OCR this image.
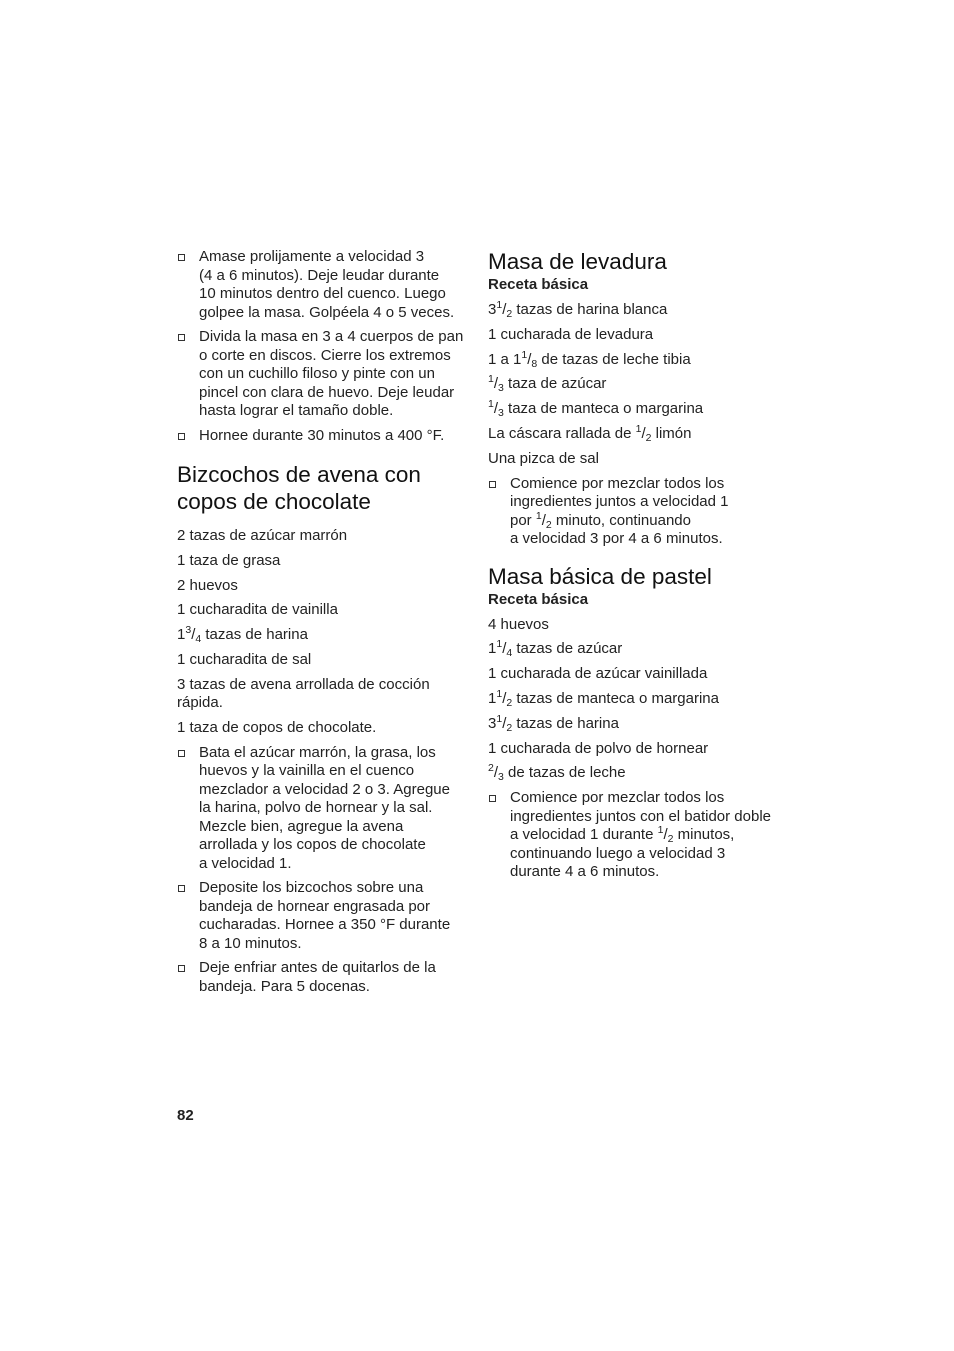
Amase prolijamente a velocidad 3
(4 a 6 minutos). Deje leudar durante
10 minutos dentro del cuenco. Luego
golpee la masa. Golpéela 4 o 5 veces.
Divida la masa en 3 a 4 cuerpos de pan
o corte en discos. Cierre los extremos
con un cuchillo filoso y pinte con un
pincel con clara de huevo. Deje leudar
hasta lograr el tamaño doble.
Hornee durante 30 minutos a 400 °F.
Bizcochos de avena con
copos de chocolate
2 tazas de azúcar marrón
1 taza de grasa
2 huevos
1 cucharadita de vainilla
$1^3/_4$ tazas de harina
1 cucharadita de sal
3 tazas de avena arrollada de cocción
rápida.
1 taza de copos de chocolate.
Bata el azúcar marrón, la grasa, los
huevos y la vainilla en el cuenco
mezclador a velocidad 2 o 3. Agregue
la harina, polvo de hornear y la sal.
Mezcle bien, agregue la avena
arrollada y los copos de chocolate
a velocidad 1.
Deposite los bizcochos sobre una
bandeja de hornear engrasada por
cucharadas. Hornee a 350 °F durante
8 a 10 minutos.
Deje enfriar antes de quitarlos de la
bandeja. Para 5 docenas.
Masa de levadura
Receta básica
$3^1/_2$ tazas de harina blanca
1 cucharada de levadura
1 a $1^1/_8$ de tazas de leche tibia
$^1/_3$ taza de azúcar
$^1/_3$ taza de manteca o margarina
La cáscara rallada de $^1/_2$ limón
Una pizca de sal
Comience por mezclar todos los
ingredientes juntos a velocidad 1
por $^1/_2$ minuto, continuando
a velocidad 3 por 4 a 6 minutos.
Masa básica de pastel
Receta básica
4 huevos
$1^1/_4$ tazas de azúcar
1 cucharada de azúcar vainillada
$1^1/_2$ tazas de manteca o margarina
$3^1/_2$ tazas de harina
1 cucharada de polvo de hornear
$^2/_3$ de tazas de leche
Comience por mezclar todos los
ingredientes juntos con el batidor doble
a velocidad 1 durante $^1/_2$ minutos,
continuando luego a velocidad 3
durante 4 a 6 minutos.
82
